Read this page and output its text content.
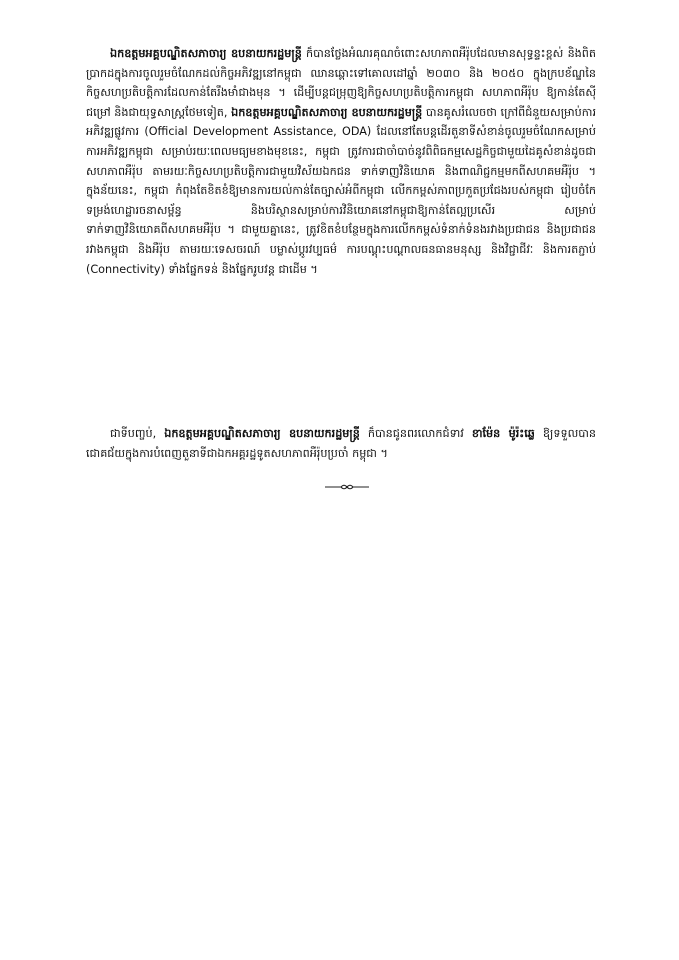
ឯកឧត្តមអគ្គបណ្ឌិតសភាចារ្យ ឧបនាយករដ្ឋមន្ត្រី ក៏បានថ្លែងអំណរគុណចំពោះសហភាពអឺរ៉ុបដែលមានសុទ្ធន្ទះខ្ពស់ និងពិតប្រាកដក្នុងការចូលរួមចំណែកដល់កិច្ចអភិវឌ្ឍនៅកម្ពុជា ឈានឆ្ពោះទៅគោលដៅឆ្នាំ ២០៣០ និង ២០៥០ ក្នុងក្របខ័ណ្ឌនៃកិច្ចសហប្រតិបត្តិការដែលកាន់តែរឹងមាំជាងមុន ។ ដើម្បីបន្តជម្រុញឱ្យកិច្ចសហប្រតិបត្តិការកម្ពុជា សហភាពអឺរ៉ុប ឱ្យកាន់តែស៊ីជម្រៅ និងជាយុទ្ធសាស្ត្រថែមទៀត, ឯកឧត្តមអគ្គបណ្ឌិតសភាចារ្យ ឧបនាយករដ្ឋមន្ត្រី បានគូសរំលេចថា ក្រៅពីជំនួយសម្រាប់ការអភិវឌ្ឍផ្លូវការ (Official Development Assistance, ODA) ដែលនៅតែបន្តដើរតួនាទីសំខាន់ចូលរួមចំណែកសម្រាប់ការអភិវឌ្ឍកម្ពុជា សម្រាប់រយៈពេលមធ្យមខាងមុខនេះ, កម្ពុជា ត្រូវការជាចាំបាច់នូវពិពិធកម្មសេដ្ឋកិច្ចជាមួយដៃគូសំខាន់ដូចជាសហភាពអឺរ៉ុប តាមរយៈកិច្ចសហប្រតិបត្តិការជាមួយវិស័យឯកជន ទាក់ទាញវិនិយោគ និងពាណិជ្ជកម្មមកពីសហគមអឺរ៉ុប ។ ក្នុងន័យនេះ, កម្ពុជា កំពុងតែខិតខំឱ្យមានការយល់កាន់តែច្បាស់អំពីកម្ពុជា លើកកម្ពស់ភាពប្រកួតប្រជែងរបស់កម្ពុជា រៀបចំកែទម្រង់ហេដ្ឋារចនាសម្ព័ន្ធ និងបរិស្ថានសម្រាប់ការវិនិយោគនៅកម្ពុជាឱ្យកាន់តែល្អប្រសើរ សម្រាប់ទាក់ទាញវិនិយោគពីសហគមអឺរ៉ុប ។ ជាមួយគ្នានេះ, ត្រូវខិតខំបន្ថែមក្នុងការលើកកម្ពស់ទំនាក់ទំនងរវាងប្រជាជន និងប្រជាជន រវាងកម្ពុជា និងអឺរ៉ុប តាមរយៈទេសចរណ៍ បម្លាស់ប្តូរវប្បធម៌ ការបណ្តុះបណ្តាលធនធានមនុស្ស និងវិជ្ជាជីវៈ និងការតភ្ជាប់ (Connectivity) ទាំងផ្នែកទន់ និងផ្នែករូបវន្ត ជាដើម ។

ជាទីបញ្ចប់, ឯកឧត្តមអគ្គបណ្ឌិតសភាចារ្យ ឧបនាយករដ្ឋមន្ត្រី ក៏បានជូនពរលោកជំទាវ ខាម៉ែន ម៉ូរ៉ះឆ្លេ ឱ្យទទួលបានជោគជ័យក្នុងការបំពេញតួនាទីជាឯកអគ្គរដ្ឋទូតសហភាពអឺរ៉ុបប្រចាំ កម្ពុជា ។
